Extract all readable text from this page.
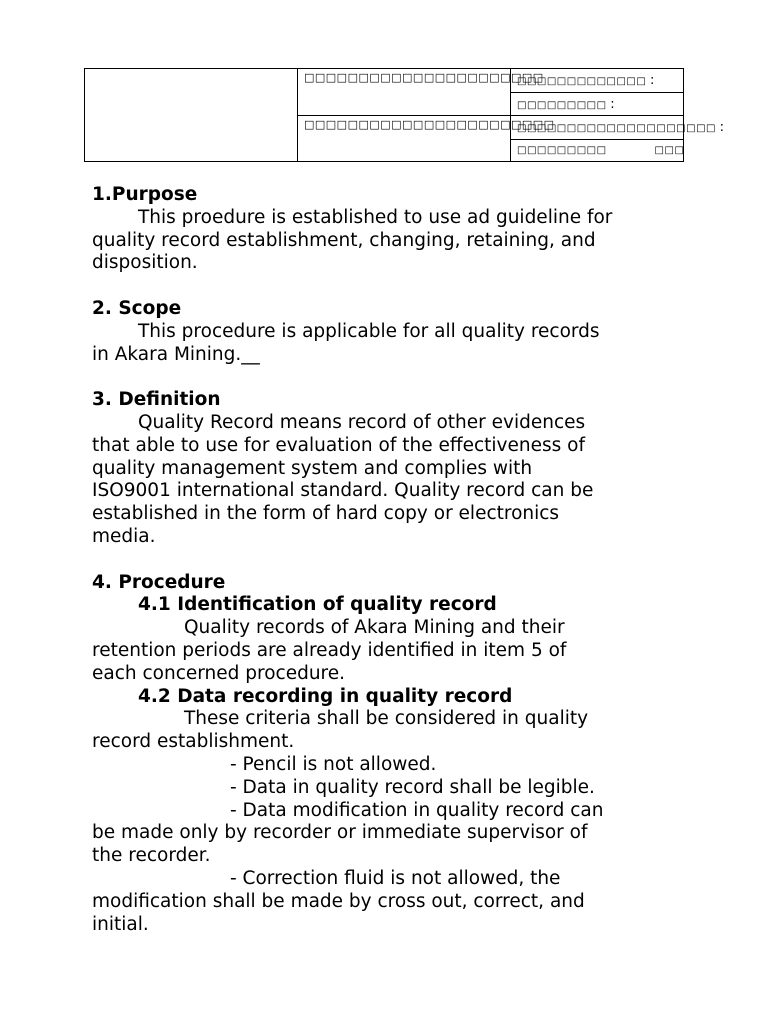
	□□□□□□□□□□□□□□□□□□□□□□	□□□□□□□□□□□□□ :
		□□□□□□□□□ :
	□□□□□□□□□□□□□□□□□□□□□□□	□□□□□□□□□□□□□□□□□□□□ :
		□□□□□□□□□ □□□

1.Purpose

This proedure is established to use ad guideline for
quality record establishment, changing, retaining, and
disposition.

2. Scope

This procedure is applicable for all quality records
in Akara Mining.__

3. Definition

Quality Record means record of other evidences
that able to use for evaluation of the effectiveness of
quality management system and complies with
ISO9001 international standard. Quality record can be
established in the form of hard copy or electronics
media.

4. Procedure

4.1 Identification of quality record

Quality records of Akara Mining and their
retention periods are already identified in item 5 of
each concerned procedure.

4.2 Data recording in quality record

These criteria shall be considered in quality
record establishment.

- Pencil is not allowed.

- Data in quality record shall be legible.

- Data modification in quality record can
be made only by recorder or immediate supervisor of
the recorder.

- Correction fluid is not allowed, the
modification shall be made by cross out, correct, and
initial.
